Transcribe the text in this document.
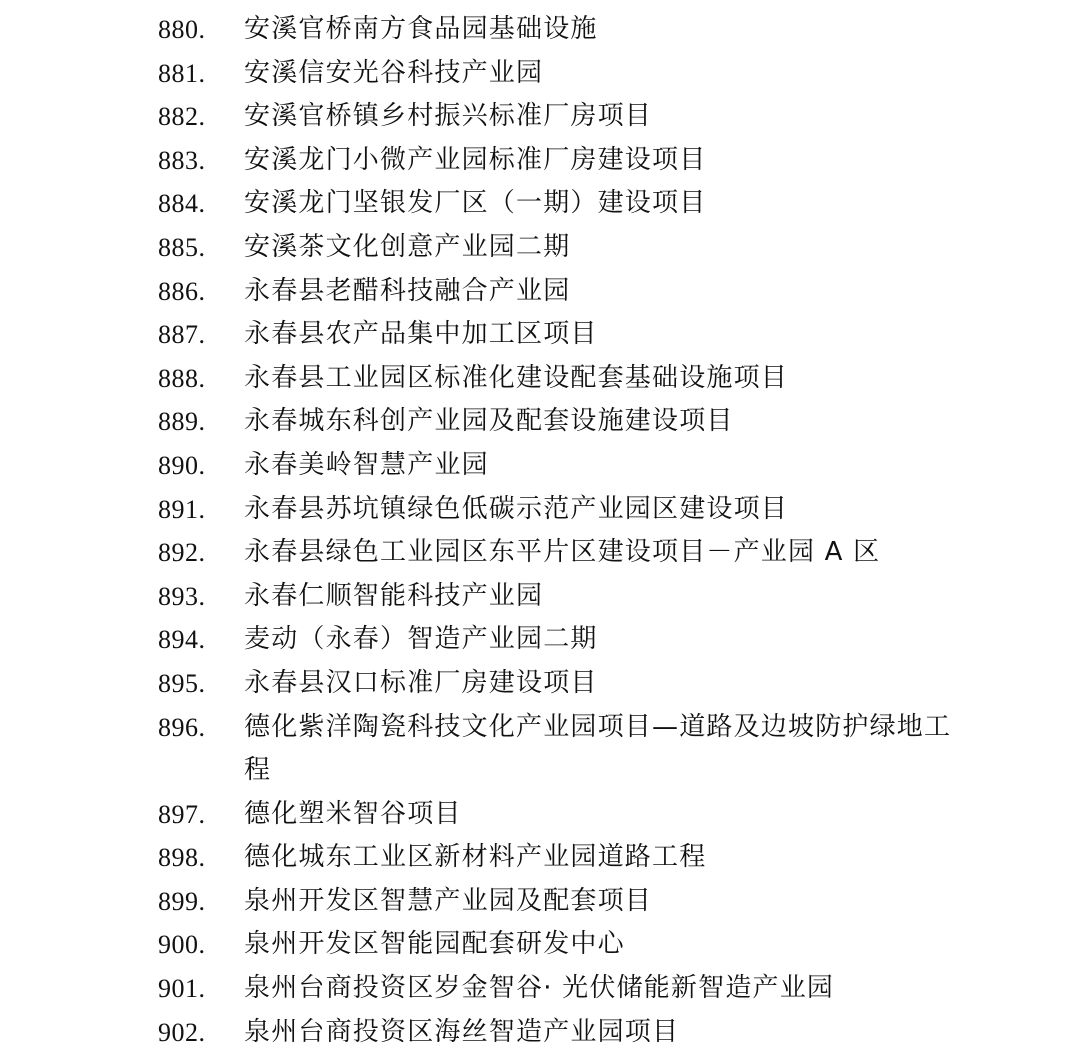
880.	安溪官桥南方食品园基础设施
881.	安溪信安光谷科技产业园
882.	安溪官桥镇乡村振兴标准厂房项目
883.	安溪龙门小微产业园标准厂房建设项目
884.	安溪龙门坚银发厂区（一期）建设项目
885.	安溪茶文化创意产业园二期
886.	永春县老醋科技融合产业园
887.	永春县农产品集中加工区项目
888.	永春县工业园区标准化建设配套基础设施项目
889.	永春城东科创产业园及配套设施建设项目
890.	永春美岭智慧产业园
891.	永春县苏坑镇绿色低碳示范产业园区建设项目
892.	永春县绿色工业园区东平片区建设项目－产业园 A 区
893.	永春仁顺智能科技产业园
894.	麦动（永春）智造产业园二期
895.	永春县汉口标准厂房建设项目
896.	德化紫洋陶瓷科技文化产业园项目—道路及边坡防护绿地工程
897.	德化塑米智谷项目
898.	德化城东工业区新材料产业园道路工程
899.	泉州开发区智慧产业园及配套项目
900.	泉州开发区智能园配套研发中心
901.	泉州台商投资区岁金智谷· 光伏储能新智造产业园
902.	泉州台商投资区海丝智造产业园项目
